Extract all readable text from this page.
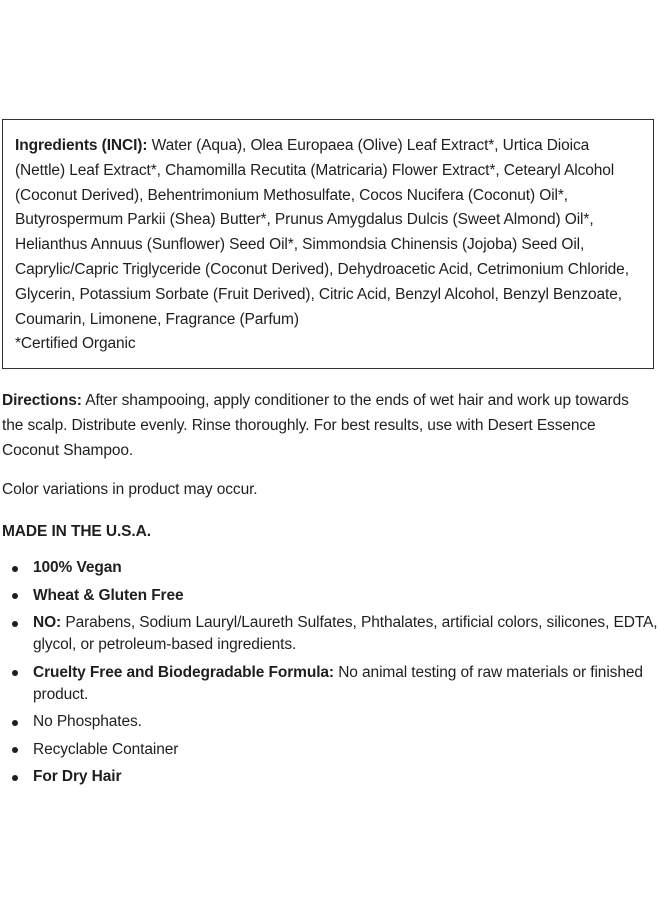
Ingredients (INCI): Water (Aqua), Olea Europaea (Olive) Leaf Extract*, Urtica Dioica (Nettle) Leaf Extract*, Chamomilla Recutita (Matricaria) Flower Extract*, Cetearyl Alcohol (Coconut Derived), Behentrimonium Methosulfate, Cocos Nucifera (Coconut) Oil*, Butyrospermum Parkii (Shea) Butter*, Prunus Amygdalus Dulcis (Sweet Almond) Oil*, Helianthus Annuus (Sunflower) Seed Oil*, Simmondsia Chinensis (Jojoba) Seed Oil, Caprylic/Capric Triglyceride (Coconut Derived), Dehydroacetic Acid, Cetrimonium Chloride, Glycerin, Potassium Sorbate (Fruit Derived), Citric Acid, Benzyl Alcohol, Benzyl Benzoate, Coumarin, Limonene, Fragrance (Parfum)
*Certified Organic
Directions: After shampooing, apply conditioner to the ends of wet hair and work up towards the scalp. Distribute evenly. Rinse thoroughly. For best results, use with Desert Essence Coconut Shampoo.
Color variations in product may occur.
MADE IN THE U.S.A.
100% Vegan
Wheat & Gluten Free
NO: Parabens, Sodium Lauryl/Laureth Sulfates, Phthalates, artificial colors, silicones, EDTA, glycol, or petroleum-based ingredients.
Cruelty Free and Biodegradable Formula: No animal testing of raw materials or finished product.
No Phosphates.
Recyclable Container
For Dry Hair
